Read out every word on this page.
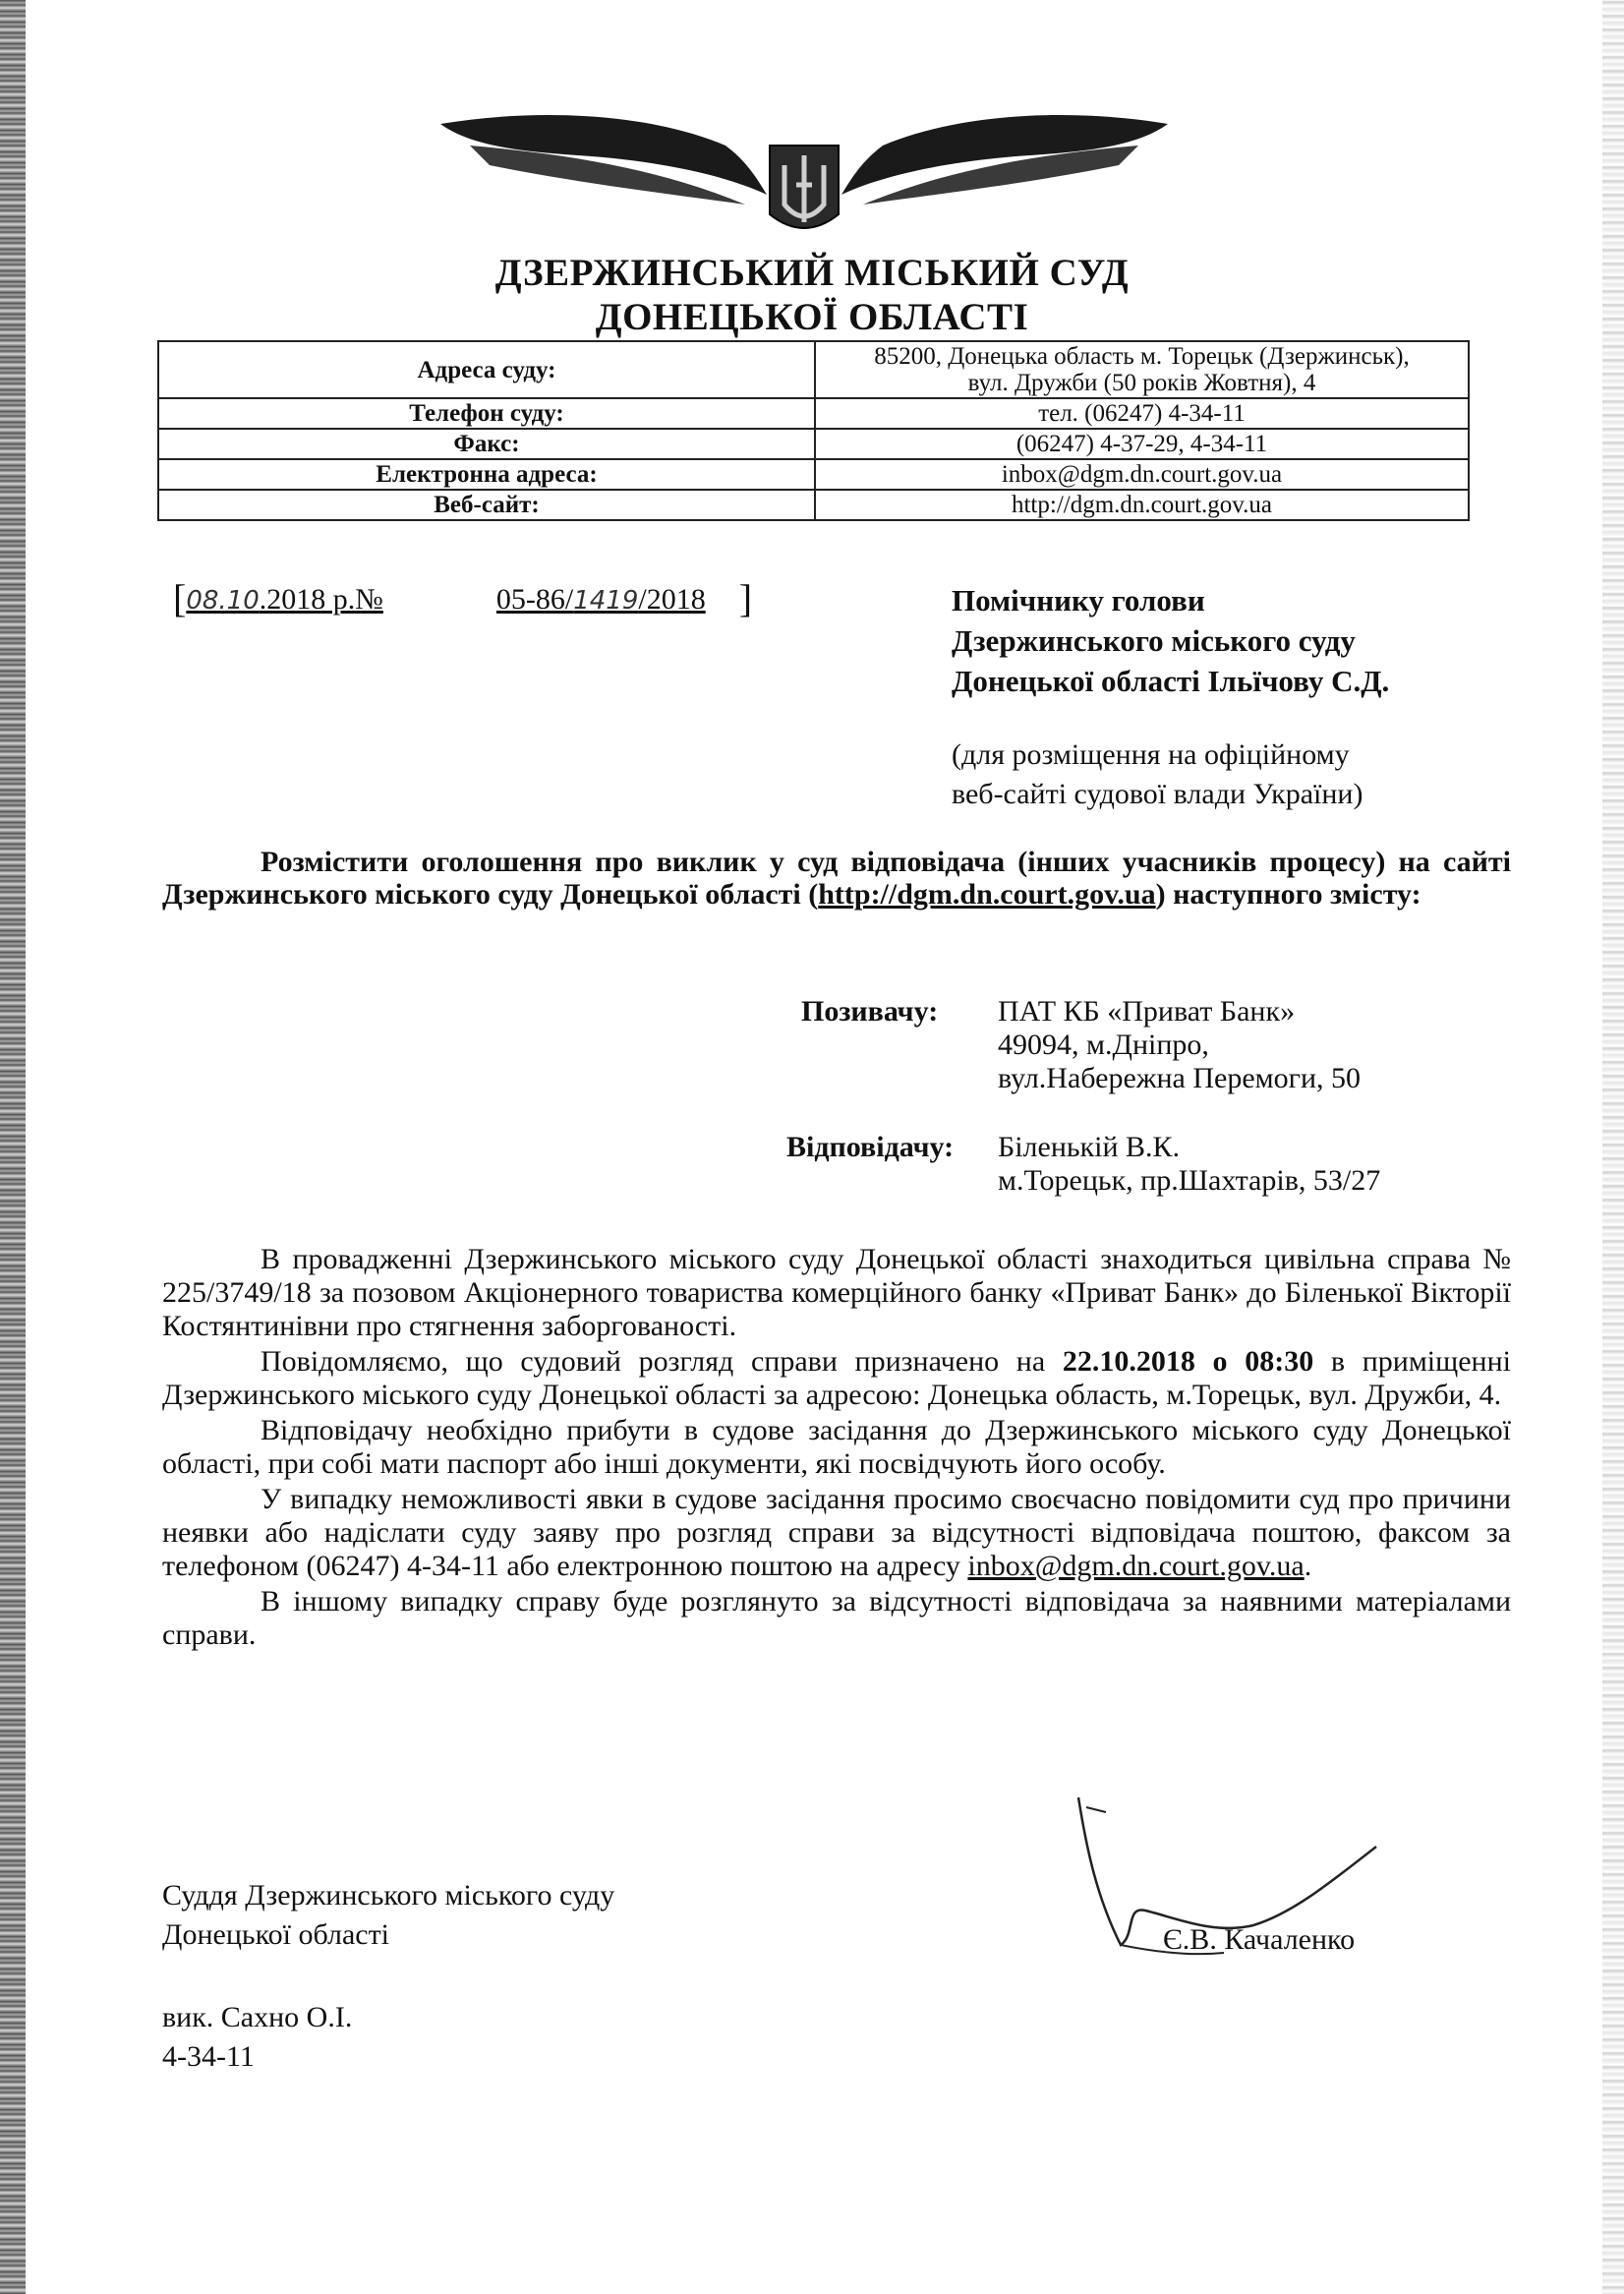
ДЗЕРЖИНСЬКИЙ МІСЬКИЙ СУД
ДОНЕЦЬКОЇ ОБЛАСТІ
Адреса суду:	85200, Донецька область м. Торецьк (Дзержинськ),
вул. Дружби (50 років Жовтня), 4
Телефон суду:	тел. (06247) 4-34-11
Факс:	(06247) 4-37-29, 4-34-11
Електронна адреса:	inbox@dgm.dn.court.gov.ua
Веб-сайт:	http://dgm.dn.court.gov.ua
[08.10.2018 р.№	05-86/1419/2018 ]	Помічнику голови
Дзержинського міського суду
Донецької області Ільїчову С.Д.
(для розміщення на офіційному
веб-сайті судової влади України)
Розмістити оголошення про виклик у суд відповідача (інших учасників процесу) на сайті Дзержинського міського суду Донецької області (http://dgm.dn.court.gov.ua) наступного змісту:
Позивачу: ПАТ КБ «Приват Банк»
49094, м.Дніпро,
вул.Набережна Перемоги, 50
Відповідачу: Біленькій В.К.
м.Торецьк, пр.Шахтарів, 53/27

В провадженні Дзержинського міського суду Донецької області знаходиться цивільна справа № 225/3749/18 за позовом Акціонерного товариства комерційного банку «Приват Банк» до Біленької Вікторії Костянтинівни про стягнення заборгованості.

Повідомляємо, що судовий розгляд справи призначено на 22.10.2018 о 08:30 в приміщенні Дзержинського міського суду Донецької області за адресою: Донецька область, м.Торецьк, вул. Дружби, 4.

Відповідачу необхідно прибути в судове засідання до Дзержинського міського суду Донецької області, при собі мати паспорт або інші документи, які посвідчують його особу.

У випадку неможливості явки в судове засідання просимо своєчасно повідомити суд про причини неявки або надіслати суду заяву про розгляд справи за відсутності відповідача поштою, факсом за телефоном (06247) 4-34-11 або електронною поштою на адресу inbox@dgm.dn.court.gov.ua.

В іншому випадку справу буде розглянуто за відсутності відповідача за наявними матеріалами справи.

Суддя Дзержинського міського суду
Донецької області	Є.В. Качаленко
вик. Сахно О.І.
4-34-11
